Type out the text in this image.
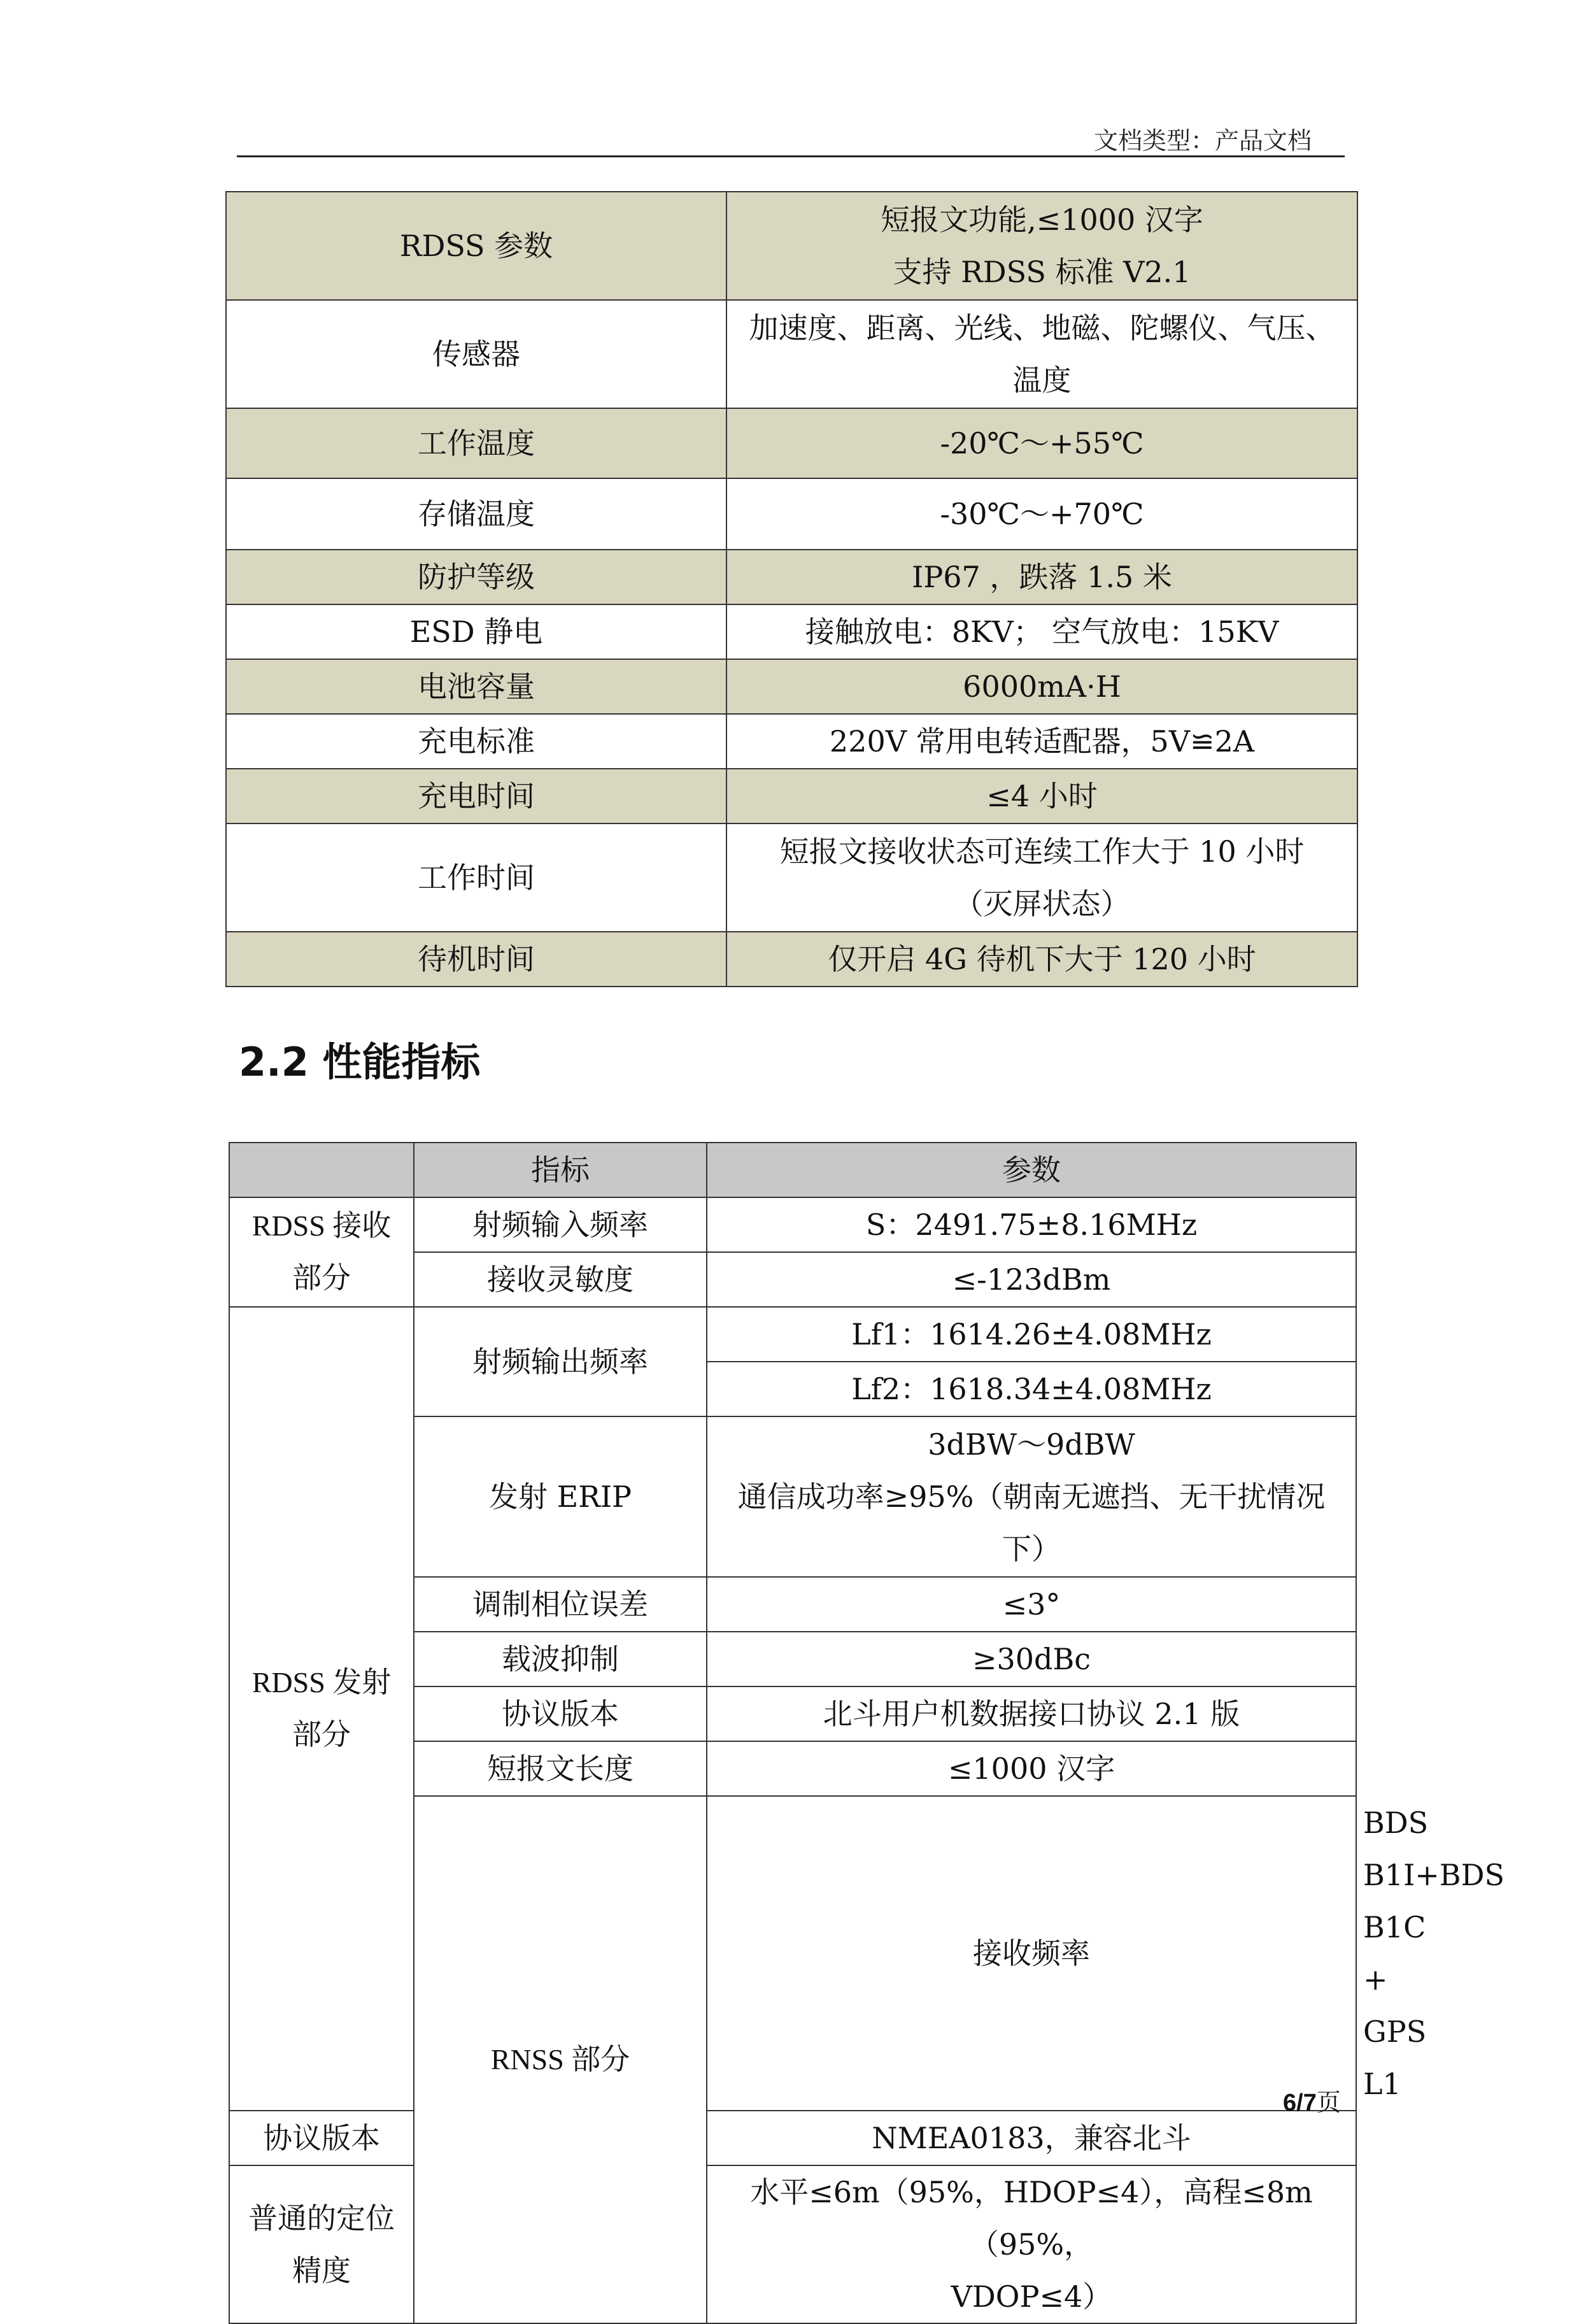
文档类型：产品文档
RDSS 参数	短报文功能,≤1000 汉字
支持 RDSS 标准 V2.1

传感器	加速度、距离、光线、地磁、陀螺仪、气压、
温度

工作温度	-20℃～+55℃
存储温度	-30℃～+70℃
防护等级	IP67 ，跌落 1.5 米
ESD 静电	接触放电：8KV； 空气放电：15KV
电池容量	6000mA·H
充电标准	220V 常用电转适配器，5V≌2A
充电时间	≤4 小时
工作时间	短报文接收状态可连续工作大于 10 小时
（灭屏状态）

待机时间	仅开启 4G 待机下大于 120 小时
2.2 性能指标
	指标	参数	

RDSS 接收
部分	射频输入频率	S：2491.75±8.16MHz	
	接收灵敏度	≤-123dBm	

RDSS 发射
部分	射频输出频率	Lf1：1614.26±4.08MHz	
		Lf2：1618.34±4.08MHz	
	发射 ERIP	3dBW～9dBW
通信成功率≥95%（朝南无遮挡、无干扰情况
下）	

	调制相位误差	≤3°	
	载波抑制	≥30dBc	
	协议版本	北斗用户机数据接口协议 2.1 版	
	短报文长度	≤1000 汉字	

	RNSS 部分	接收频率	BDS B1I+BDS B1C + GPS L1
协议版本		NMEA0183，兼容北斗	
普通的定位精度		水平≤6m（95%，HDOP≤4），高程≤8m（95%，
VDOP≤4）	
6/7页
